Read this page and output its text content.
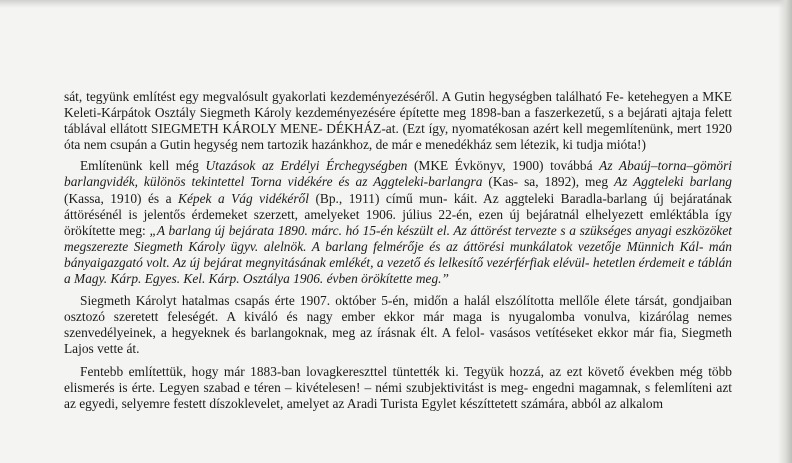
sát, tegyünk említést egy megvalósult gyakorlati kezdeményezéséről. A Gutin hegységben található Fe- ketehegyen a MKE Keleti-Kárpátok Osztály Siegmeth Károly kezdeményezésére építette meg 1898-ban a faszerkezetű, s a bejárati ajtaja felett táblával ellátott SIEGMETH KÁROLY MENE- DÉKHÁZ-at. (Ezt így, nyomatékosan azért kell megemlítenünk, mert 1920 óta nem csupán a Gutin hegység nem tartozik hazánkhoz, de már e menedékház sem létezik, ki tudja mióta!)

Említenünk kell még Utazások az Erdélyi Érchegységben (MKE Évkönyv, 1900) továbbá Az Abaúj–torna–gömöri barlangvidék, különös tekintettel Torna vidékére és az Aggteleki-barlangra (Kas- sa, 1892), meg Az Aggteleki barlang (Kassa, 1910) és a Képek a Vág vidékéről (Bp., 1911) című mun- káit. Az aggteleki Baradla-barlang új bejáratának áttörésénél is jelentős érdemeket szerzett, amelyeket 1906. július 22-én, ezen új bejáratnál elhelyezett emléktábla így örökítette meg: „A barlang új bejárata 1890. márc. hó 15-én készült el. Az áttörést tervezte s a szükséges anyagi eszközöket megszerezte Siegmeth Károly ügyv. alelnök. A barlang felmérője és az áttörési munkálatok vezetője Münnich Kál- mán bányaigazgató volt. Az új bejárat megnyitásának emlékét, a vezető és lelkesítő vezérférfiak elévül- hetetlen érdemeit e táblán a Magy. Kárp. Egyes. Kel. Kárp. Osztálya 1906. évben örökítette meg.”

Siegmeth Károlyt hatalmas csapás érte 1907. október 5-én, midőn a halál elszólította mellőle élete társát, gondjaiban osztozó szeretett feleségét. A kiváló és nagy ember ekkor már maga is nyugalomba vonulva, kizárólag nemes szenvedélyeinek, a hegyeknek és barlangoknak, meg az írásnak élt. A felol- vasásos vetítéseket ekkor már fia, Siegmeth Lajos vette át.

Fentebb említettük, hogy már 1883-ban lovagkereszttel tüntették ki. Tegyük hozzá, az ezt követő években még több elismerés is érte. Legyen szabad e téren – kivételesen! – némi szubjektivitást is meg- engedni magamnak, s felemlíteni azt az egyedi, selyemre festett díszoklevelet, amelyet az Aradi Turista Egylet készíttetett számára, abból az alkalom
